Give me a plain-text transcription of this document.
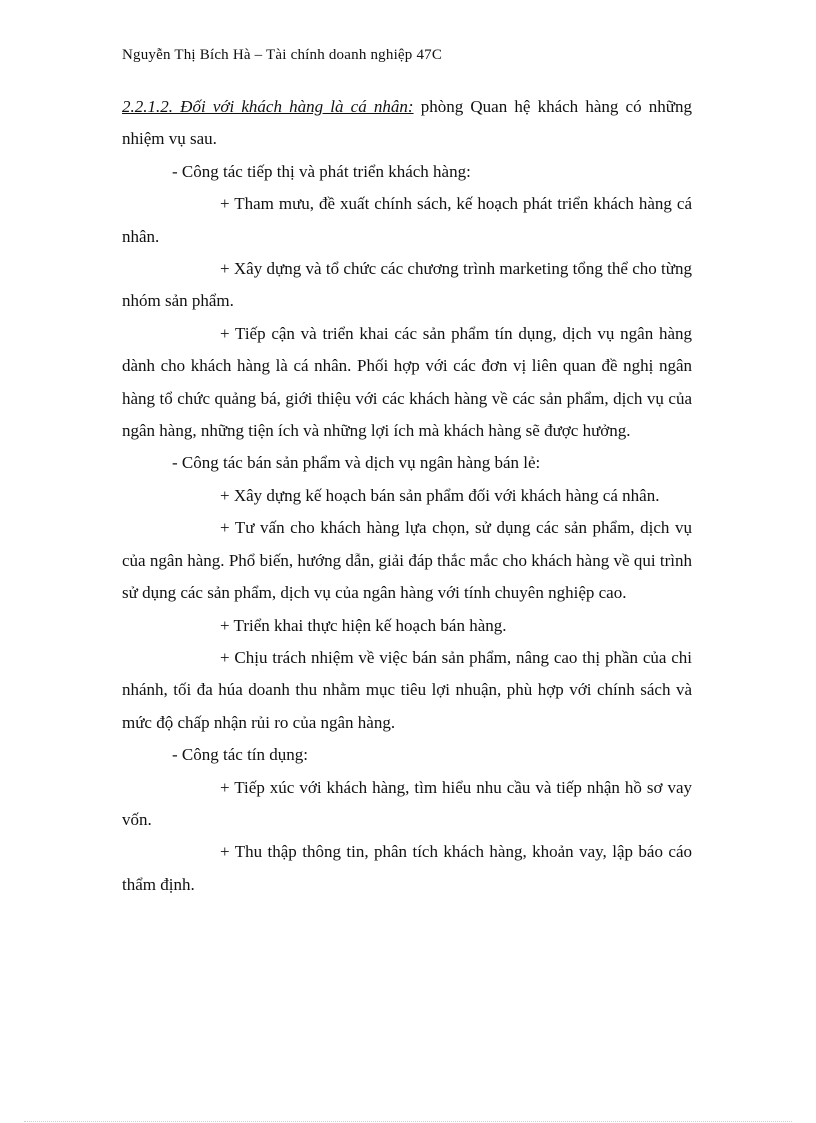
Nguyễn Thị Bích Hà – Tài chính doanh nghiệp 47C

2.2.1.2. Đối với khách hàng là cá nhân: phòng Quan hệ khách hàng có những nhiệm vụ sau.

- Công tác tiếp thị và phát triển khách hàng:

+ Tham mưu, đề xuất chính sách, kế hoạch phát triển khách hàng cá nhân.

+ Xây dựng và tổ chức các chương trình marketing tổng thể cho từng nhóm sản phẩm.

+ Tiếp cận và triển khai các sản phẩm tín dụng, dịch vụ ngân hàng dành cho khách hàng là cá nhân. Phối hợp với các đơn vị liên quan đề nghị ngân hàng tổ chức quảng bá, giới thiệu với các khách hàng về các sản phẩm, dịch vụ của ngân hàng, những tiện ích và những lợi ích mà khách hàng sẽ được hưởng.

- Công tác bán sản phẩm và dịch vụ ngân hàng bán lẻ:

+ Xây dựng kế hoạch bán sản phẩm đối với khách hàng cá nhân.

+ Tư vấn cho khách hàng lựa chọn, sử dụng các sản phẩm, dịch vụ của ngân hàng. Phổ biến, hướng dẫn, giải đáp thắc mắc cho khách hàng về qui trình sử dụng các sản phẩm, dịch vụ của ngân hàng với tính chuyên nghiệp cao.

+ Triển khai thực hiện kế hoạch bán hàng.

+ Chịu trách nhiệm về việc bán sản phẩm, nâng cao thị phần của chi nhánh, tối đa húa doanh thu nhằm mục tiêu lợi nhuận, phù hợp với chính sách và mức độ chấp nhận rủi ro của ngân hàng.

- Công tác tín dụng:

+ Tiếp xúc với khách hàng, tìm hiểu nhu cầu và tiếp nhận hồ sơ vay vốn.

+ Thu thập thông tin, phân tích khách hàng, khoản vay, lập báo cáo thẩm định.
